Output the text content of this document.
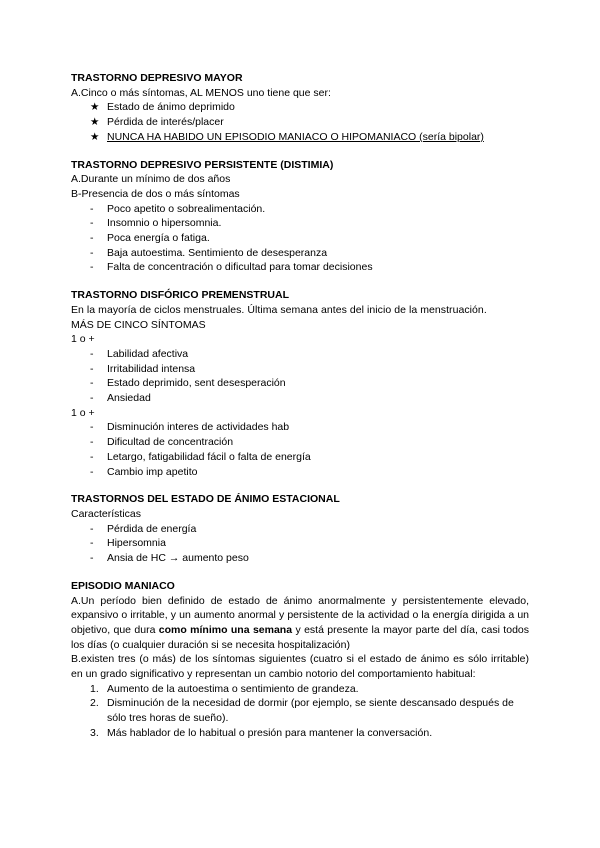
TRASTORNO DEPRESIVO MAYOR
A.Cinco o más síntomas, AL MENOS uno tiene que ser:
★ Estado de ánimo deprimido
★ Pérdida de interés/placer
★ NUNCA HA HABIDO UN EPISODIO MANIACO O HIPOMANIACO (sería bipolar)
TRASTORNO DEPRESIVO PERSISTENTE (DISTIMIA)
A.Durante un mínimo de dos años
B-Presencia de dos o más síntomas
-	Poco apetito o sobrealimentación.
-	Insomnio o hipersomnia.
-	Poca energía o fatiga.
-	Baja autoestima. Sentimiento de desesperanza
-	Falta de concentración o dificultad para tomar decisiones
TRASTORNO DISFÓRICO PREMENSTRUAL
En la mayoría de ciclos menstruales. Última semana antes del inicio de la menstruación.
MÁS DE CINCO SÍNTOMAS
1 o +
-	Labilidad afectiva
-	Irritabilidad intensa
-	Estado deprimido, sent desesperación
-	Ansiedad
1 o +
-	Disminución interes de actividades hab
-	Dificultad de concentración
-	Letargo, fatigabilidad fácil o falta de energía
-	Cambio imp apetito
TRASTORNOS DEL ESTADO DE ÁNIMO ESTACIONAL
Características
-	Pérdida de energía
-	Hipersomnia
-	Ansia de HC → aumento peso
EPISODIO MANIACO
A.Un período bien definido de estado de ánimo anormalmente y persistentemente elevado, expansivo o irritable, y un aumento anormal y persistente de la actividad o la energía dirigida a un objetivo, que dura como mínimo una semana y está presente la mayor parte del día, casi todos los días (o cualquier duración si se necesita hospitalización)
B.existen tres (o más) de los síntomas siguientes (cuatro si el estado de ánimo es sólo irritable) en un grado significativo y representan un cambio notorio del comportamiento habitual:
1. Aumento de la autoestima o sentimiento de grandeza.
2. Disminución de la necesidad de dormir (por ejemplo, se siente descansado después de sólo tres horas de sueño).
3. Más hablador de lo habitual o presión para mantener la conversación.
